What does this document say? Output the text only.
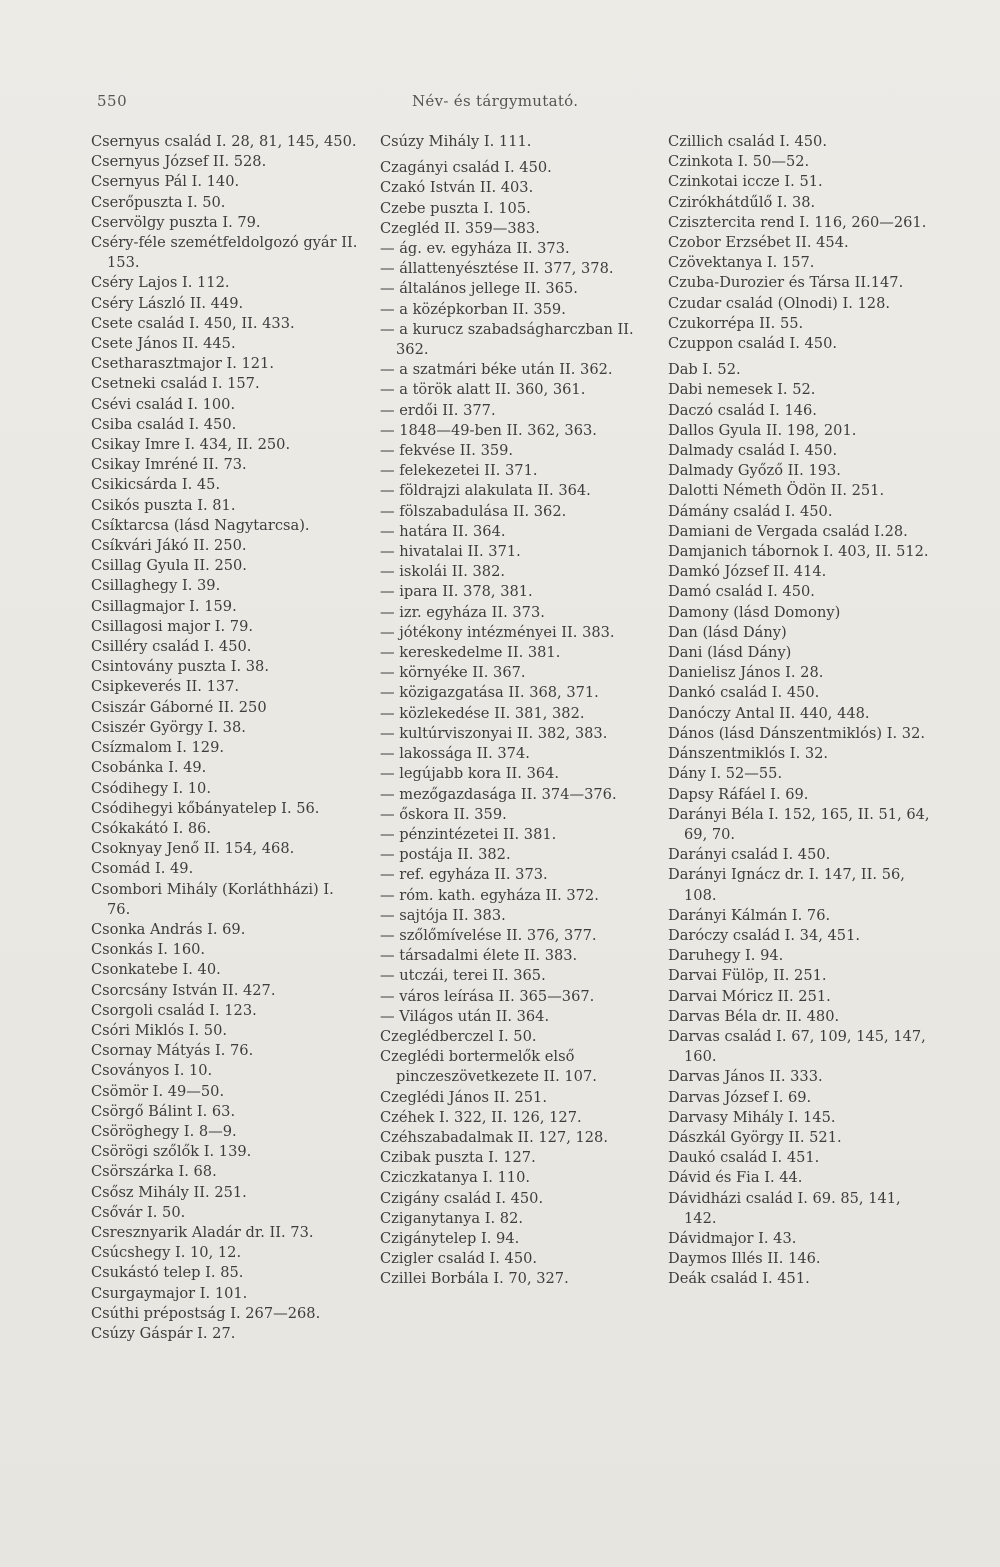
550	Név- és tárgymutató.

Csernyus család I. 28, 81, 145, 450.

Csernyus József II. 528.

Csernyus Pál I. 140.

Cserőpuszta I. 50.

Cservölgy puszta I. 79.

Cséry-féle szemétfeldolgozó gyár II. 153.

Cséry Lajos I. 112.

Cséry László II. 449.

Csete család I. 450, II. 433.

Csete János II. 445.

Csetharasztmajor I. 121.

Csetneki család I. 157.

Csévi család I. 100.

Csiba család I. 450.

Csikay Imre I. 434, II. 250.

Csikay Imréné II. 73.

Csikicsárda I. 45.

Csikós puszta I. 81.

Csíktarcsa (lásd Nagytarcsa).

Csíkvári Jákó II. 250.

Csillag Gyula II. 250.

Csillaghegy I. 39.

Csillagmajor I. 159.

Csillagosi major I. 79.

Csilléry család I. 450.

Csintovány puszta I. 38.

Csipkeverés II. 137.

Csiszár Gáborné II. 250

Csiszér György I. 38.

Csízmalom I. 129.

Csobánka I. 49.

Csódihegy I. 10.

Csódihegyi kőbányatelep I. 56.

Csókakátó I. 86.

Csoknyay Jenő II. 154, 468.

Csomád I. 49.

Csombori Mihály (Korláthházi) I. 76.

Csonka András I. 69.

Csonkás I. 160.

Csonkatebe I. 40.

Csorcsány István II. 427.

Csorgoli család I. 123.

Csóri Miklós I. 50.

Csornay Mátyás I. 76.

Csoványos I. 10.

Csömör I. 49—50.

Csörgő Bálint I. 63.

Csöröghegy I. 8—9.

Csörögi szőlők I. 139.

Csörszárka I. 68.

Csősz Mihály II. 251.

Csővár I. 50.

Csresznyarik Aladár dr. II. 73.

Csúcshegy I. 10, 12.

Csukástó telep I. 85.

Csurgaymajor I. 101.

Csúthi prépostság I. 267—268.

Csúzy Gáspár I. 27.

Csúzy Mihály I. 111.

Czagányi család I. 450.

Czakó István II. 403.

Czebe puszta I. 105.

Czegléd II. 359—383.

— ág. ev. egyháza II. 373.

— állattenyésztése II. 377, 378.

— általános jellege II. 365.

— a középkorban II. 359.

— a kurucz szabadságharczban II. 362.

— a szatmári béke után II. 362.

— a török alatt II. 360, 361.

— erdői II. 377.

— 1848—49-ben II. 362, 363.

— fekvése II. 359.

— felekezetei II. 371.

— földrajzi alakulata II. 364.

— fölszabadulása II. 362.

— határa II. 364.

— hivatalai II. 371.

— iskolái II. 382.

— ipara II. 378, 381.

— izr. egyháza II. 373.

— jótékony intézményei II. 383.

— kereskedelme II. 381.

— környéke II. 367.

— közigazgatása II. 368, 371.

— közlekedése II. 381, 382.

— kultúrviszonyai II. 382, 383.

— lakossága II. 374.

— legújabb kora II. 364.

— mezőgazdasága II. 374—376.

— őskora II. 359.

— pénzintézetei II. 381.

— postája II. 382.

— ref. egyháza II. 373.

— róm. kath. egyháza II. 372.

— sajtója II. 383.

— szőlőmívelése II. 376, 377.

— társadalmi élete II. 383.

— utczái, terei II. 365.

— város leírása II. 365—367.

— Világos után II. 364.

Czeglédberczel I. 50.

Czeglédi bortermelők első pinczeszövetkezete II. 107.

Czeglédi János II. 251.

Czéhek I. 322, II. 126, 127.

Czéhszabadalmak II. 127, 128.

Czibak puszta I. 127.

Cziczkatanya I. 110.

Czigány család I. 450.

Cziganytanya I. 82.

Czigánytelep I. 94.

Czigler család I. 450.

Czillei Borbála I. 70, 327.

Czillich család I. 450.

Czinkota I. 50—52.

Czinkotai iccze I. 51.

Czirókhátdűlő I. 38.

Czisztercita rend I. 116, 260—261.

Czobor Erzsébet II. 454.

Czövektanya I. 157.

Czuba-Durozier és Társa II.147.

Czudar család (Olnodi) I. 128.

Czukorrépa II. 55.

Czuppon család I. 450.

Dab I. 52.

Dabi nemesek I. 52.

Daczó család I. 146.

Dallos Gyula II. 198, 201.

Dalmady család I. 450.

Dalmady Győző II. 193.

Dalotti Németh Ödön II. 251.

Dámány család I. 450.

Damiani de Vergada család I.28.

Damjanich tábornok I. 403, II. 512.

Damkó József II. 414.

Damó család I. 450.

Damony (lásd Domony)

Dan (lásd Dány)

Dani (lásd Dány)

Danielisz János I. 28.

Dankó család I. 450.

Danóczy Antal II. 440, 448.

Dános (lásd Dánszentmiklós) I. 32.

Dánszentmiklós I. 32.

Dány I. 52—55.

Dapsy Ráfáel I. 69.

Darányi Béla I. 152, 165, II. 51, 64, 69, 70.

Darányi család I. 450.

Darányi Ignácz dr. I. 147, II. 56, 108.

Darányi Kálmán I. 76.

Daróczy család I. 34, 451.

Daruhegy I. 94.

Darvai Fülöp, II. 251.

Darvai Móricz II. 251.

Darvas Béla dr. II. 480.

Darvas család I. 67, 109, 145, 147, 160.

Darvas János II. 333.

Darvas József I. 69.

Darvasy Mihály I. 145.

Dászkál György II. 521.

Daukó család I. 451.

Dávid és Fia I. 44.

Dávidházi család I. 69. 85, 141, 142.

Dávidmajor I. 43.

Daymos Illés II. 146.

Deák család I. 451.
